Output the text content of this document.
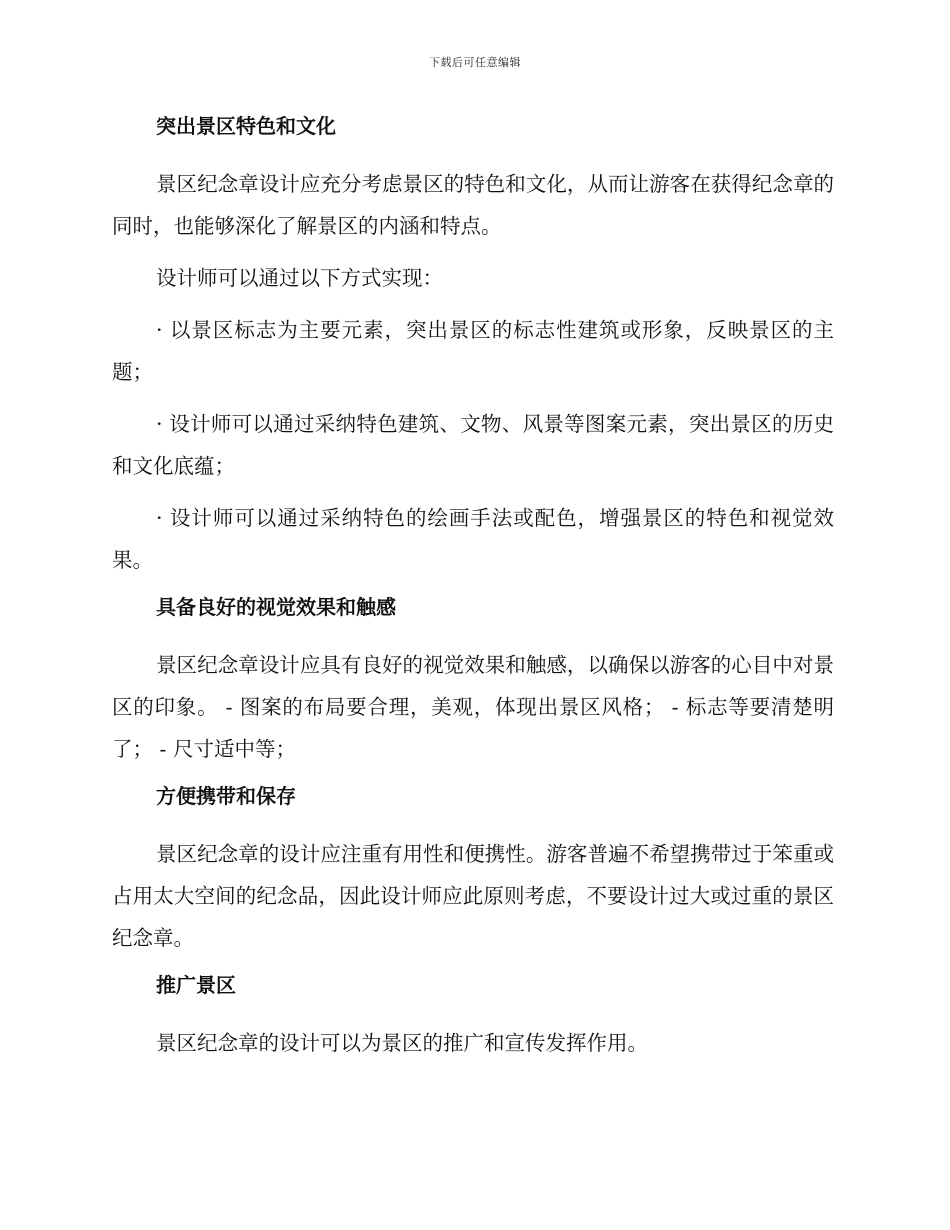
下载后可任意编辑
突出景区特色和文化

景区纪念章设计应充分考虑景区的特色和文化，从而让游客在获得纪念章的同时，也能够深化了解景区的内涵和特点。

设计师可以通过以下方式实现：

· 以景区标志为主要元素，突出景区的标志性建筑或形象，反映景区的主题；

· 设计师可以通过采纳特色建筑、文物、风景等图案元素，突出景区的历史和文化底蕴；

· 设计师可以通过采纳特色的绘画手法或配色，增强景区的特色和视觉效果。

具备良好的视觉效果和触感

景区纪念章设计应具有良好的视觉效果和触感，以确保以游客的心目中对景区的印象。 - 图案的布局要合理，美观，体现出景区风格； - 标志等要清楚明了； - 尺寸适中等；

方便携带和保存

景区纪念章的设计应注重有用性和便携性。游客普遍不希望携带过于笨重或占用太大空间的纪念品，因此设计师应此原则考虑，不要设计过大或过重的景区纪念章。

推广景区

景区纪念章的设计可以为景区的推广和宣传发挥作用。
